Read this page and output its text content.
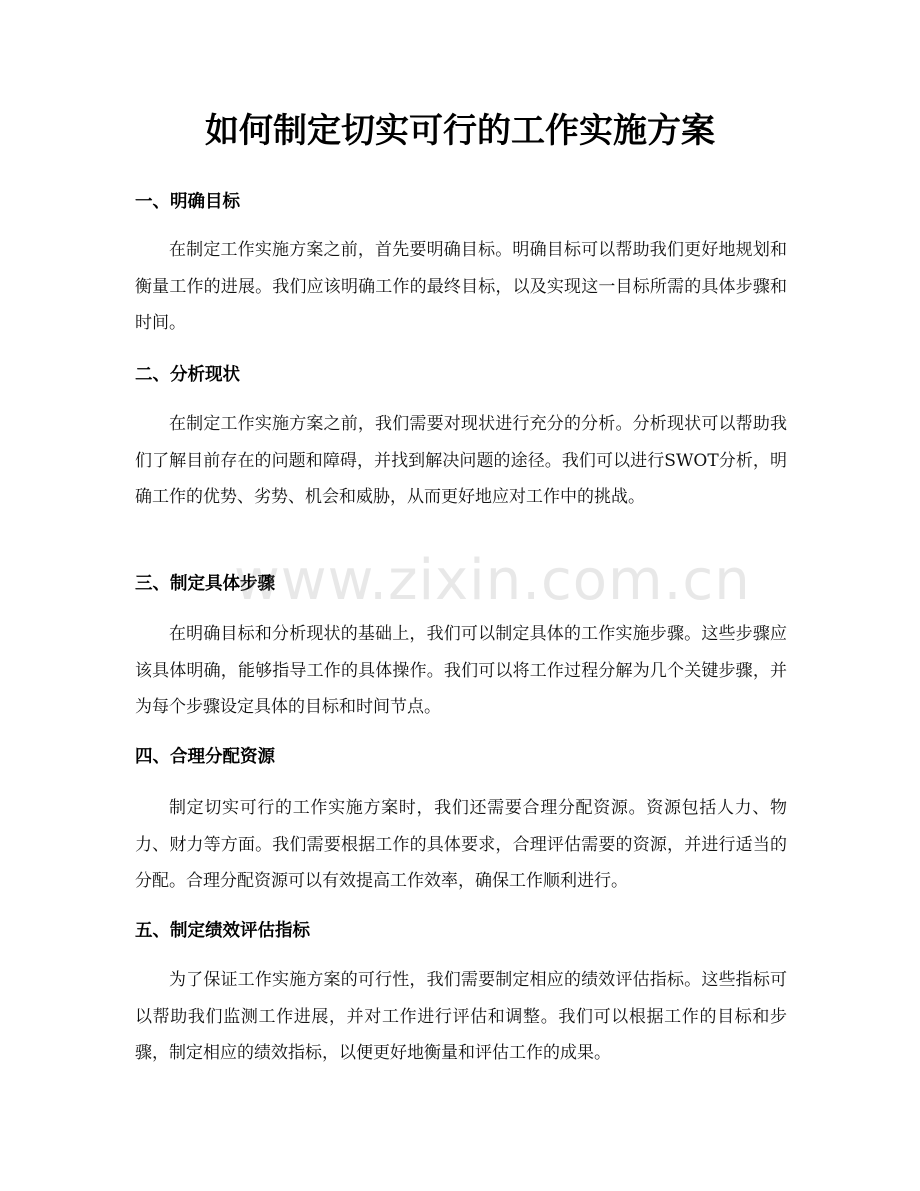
如何制定切实可行的工作实施方案
一、明确目标

在制定工作实施方案之前，首先要明确目标。明确目标可以帮助我们更好地规划和衡量工作的进展。我们应该明确工作的最终目标，以及实现这一目标所需的具体步骤和时间。

二、分析现状

在制定工作实施方案之前，我们需要对现状进行充分的分析。分析现状可以帮助我们了解目前存在的问题和障碍，并找到解决问题的途径。我们可以进行SWOT分析，明确工作的优势、劣势、机会和威胁，从而更好地应对工作中的挑战。

三、制定具体步骤

在明确目标和分析现状的基础上，我们可以制定具体的工作实施步骤。这些步骤应该具体明确，能够指导工作的具体操作。我们可以将工作过程分解为几个关键步骤，并为每个步骤设定具体的目标和时间节点。

四、合理分配资源

制定切实可行的工作实施方案时，我们还需要合理分配资源。资源包括人力、物力、财力等方面。我们需要根据工作的具体要求，合理评估需要的资源，并进行适当的分配。合理分配资源可以有效提高工作效率，确保工作顺利进行。

五、制定绩效评估指标

为了保证工作实施方案的可行性，我们需要制定相应的绩效评估指标。这些指标可以帮助我们监测工作进展，并对工作进行评估和调整。我们可以根据工作的目标和步骤，制定相应的绩效指标，以便更好地衡量和评估工作的成果。

www.zixin.com.cn
